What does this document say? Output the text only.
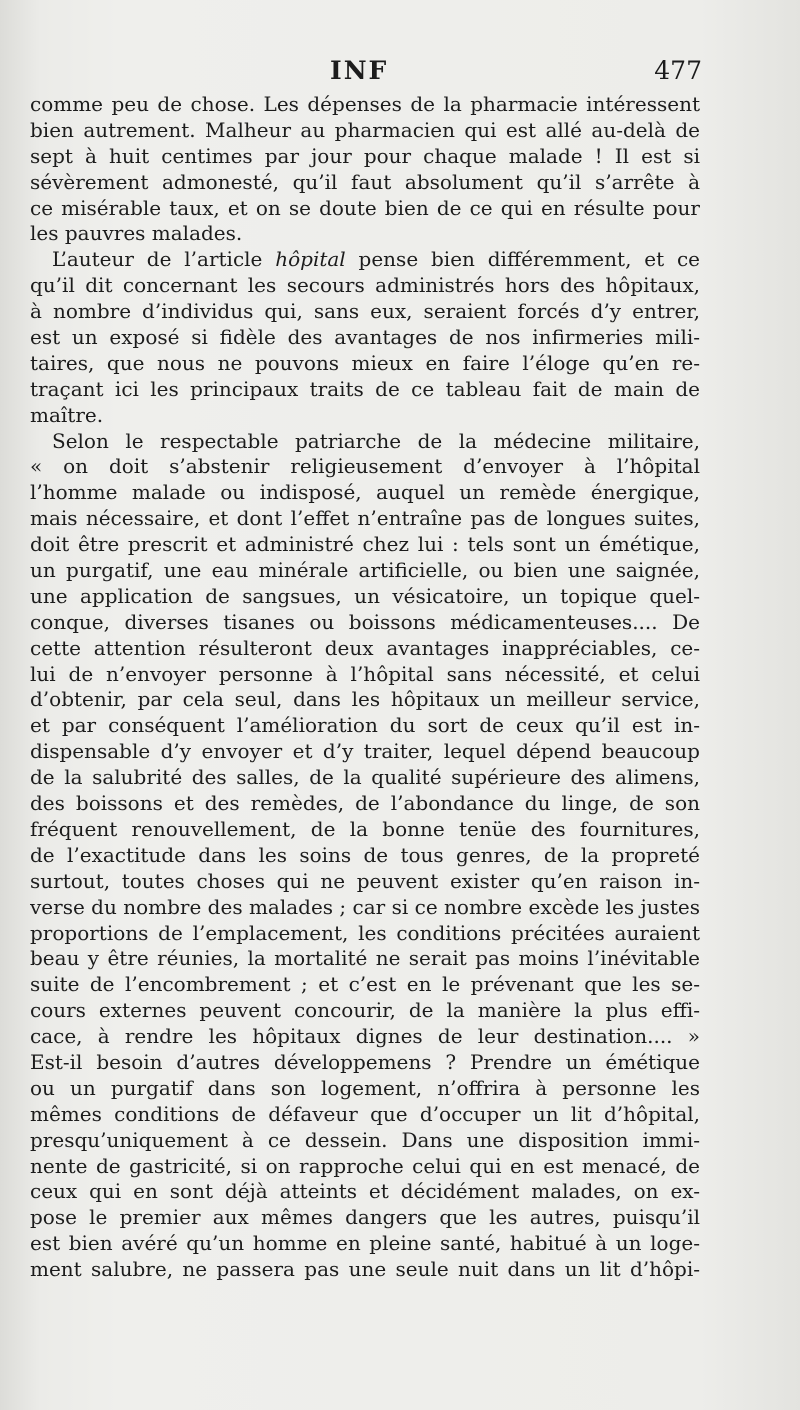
INF	477
comme peu de chose. Les dépenses de la pharmacie intéressent
bien autrement. Malheur au pharmacien qui est allé au-delà de
sept à huit centimes par jour pour chaque malade ! Il est si
sévèrement admonesté, qu’il faut absolument qu’il s’arrête à
ce misérable taux, et on se doute bien de ce qui en résulte pour
les pauvres malades.
L’auteur de l’article hôpital pense bien différemment, et ce
qu’il dit concernant les secours administrés hors des hôpitaux,
à nombre d’individus qui, sans eux, seraient forcés d’y entrer,
est un exposé si fidèle des avantages de nos infirmeries mili-
taires, que nous ne pouvons mieux en faire l’éloge qu’en re-
traçant ici les principaux traits de ce tableau fait de main de
maître.
Selon le respectable patriarche de la médecine militaire,
« on doit s’abstenir religieusement d’envoyer à l’hôpital
l’homme malade ou indisposé, auquel un remède énergique,
mais nécessaire, et dont l’effet n’entraîne pas de longues suites,
doit être prescrit et administré chez lui : tels sont un émétique,
un purgatif, une eau minérale artificielle, ou bien une saignée,
une application de sangsues, un vésicatoire, un topique quel-
conque, diverses tisanes ou boissons médicamenteuses.... De
cette attention résulteront deux avantages inappréciables, ce-
lui de n’envoyer personne à l’hôpital sans nécessité, et celui
d’obtenir, par cela seul, dans les hôpitaux un meilleur service,
et par conséquent l’amélioration du sort de ceux qu’il est in-
dispensable d’y envoyer et d’y traiter, lequel dépend beaucoup
de la salubrité des salles, de la qualité supérieure des alimens,
des boissons et des remèdes, de l’abondance du linge, de son
fréquent renouvellement, de la bonne tenüe des fournitures,
de l’exactitude dans les soins de tous genres, de la propreté
surtout, toutes choses qui ne peuvent exister qu’en raison in-
verse du nombre des malades ; car si ce nombre excède les justes
proportions de l’emplacement, les conditions précitées auraient
beau y être réunies, la mortalité ne serait pas moins l’inévitable
suite de l’encombrement ; et c’est en le prévenant que les se-
cours externes peuvent concourir, de la manière la plus effi-
cace, à rendre les hôpitaux dignes de leur destination.... »
Est-il besoin d’autres développemens ? Prendre un émétique
ou un purgatif dans son logement, n’offrira à personne les
mêmes conditions de défaveur que d’occuper un lit d’hôpital,
presqu’uniquement à ce dessein. Dans une disposition immi-
nente de gastricité, si on rapproche celui qui en est menacé, de
ceux qui en sont déjà atteints et décidément malades, on ex-
pose le premier aux mêmes dangers que les autres, puisqu’il
est bien avéré qu’un homme en pleine santé, habitué à un loge-
ment salubre, ne passera pas une seule nuit dans un lit d’hôpi-
